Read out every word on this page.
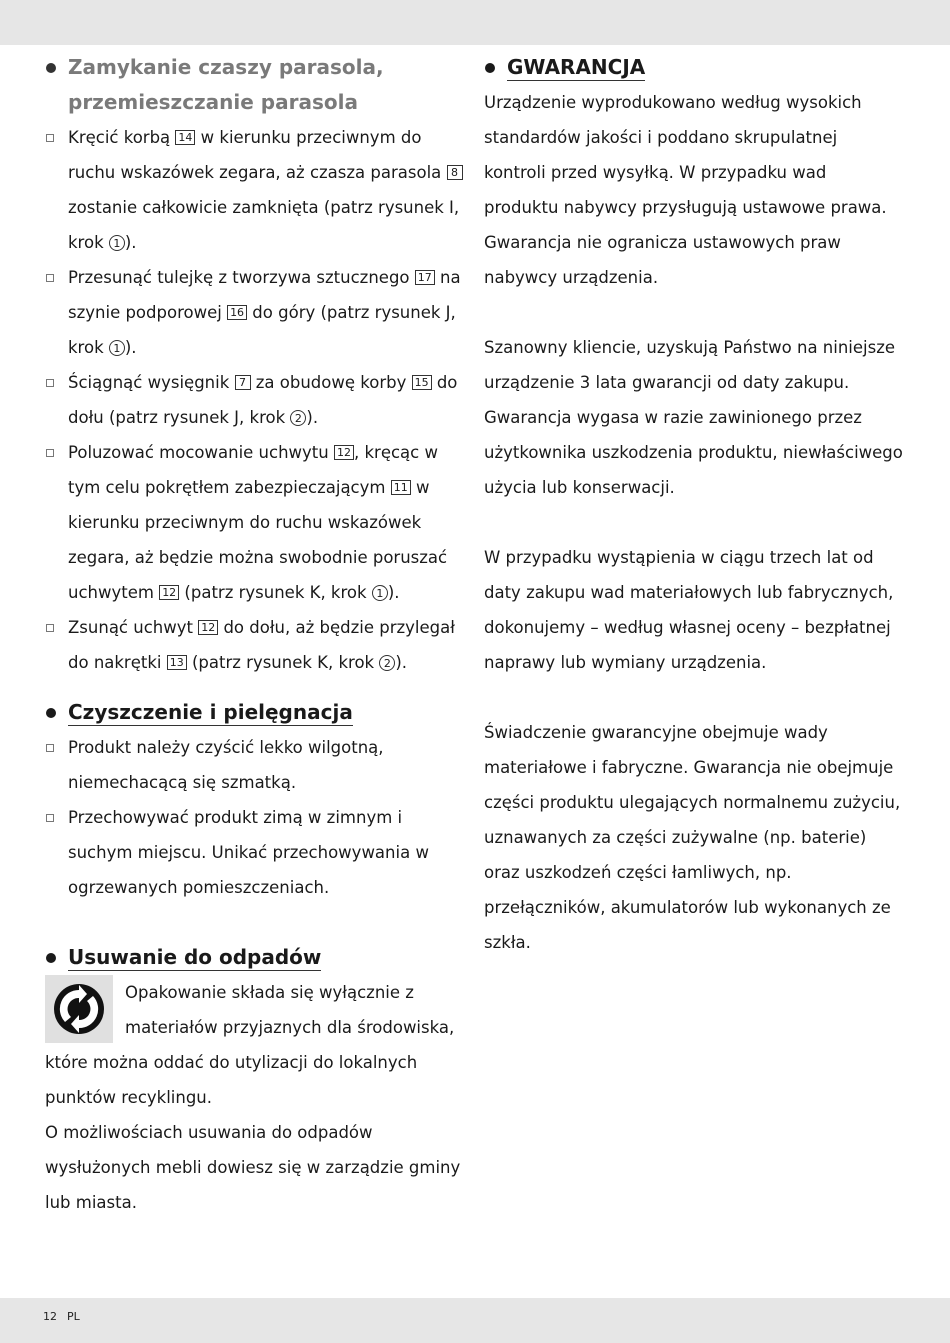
Zamykanie czaszy parasola,
przemieszczanie parasola
Kręcić korbą 14 w kierunku przeciwnym do ruchu wskazówek zegara, aż czasza parasola 8 zostanie całkowicie zamknięta (patrz rysunek I, krok 1 ).
Przesunąć tulejkę z tworzywa sztucznego 17 na szynie podporowej 16 do góry (patrz rysunek J, krok 1 ).
Ściągnąć wysięgnik 7 za obudowę korby 15 do dołu (patrz rysunek J, krok 2 ).
Poluzować mocowanie uchwytu 12 , kręcąc w tym celu pokrętłem zabezpieczającym 11 w kierunku przeciwnym do ruchu wskazówek zegara, aż będzie można swobodnie poruszać uchwytem 12 (patrz rysunek K, krok 1 ).
Zsunąć uchwyt 12 do dołu, aż będzie przylegał do nakrętki 13 (patrz rysunek K, krok 2 ).
Czyszczenie i pielęgnacja
Produkt należy czyścić lekko wilgotną, niemechacącą się szmatką.
Przechowywać produkt zimą w zimnym i suchym miejscu. Unikać przechowywania w ogrzewanych pomieszczeniach.
Usuwanie do odpadów

Opakowanie składa się wyłącznie z materiałów przyjaznych dla środowiska, które można oddać do utylizacji do lokalnych punktów recyklingu.

O możliwościach usuwania do odpadów wysłużonych mebli dowiesz się w zarządzie gminy lub miasta.

GWARANCJA

Urządzenie wyprodukowano według wysokich standardów jakości i poddano skrupulatnej kontroli przed wysyłką. W przypadku wad produktu nabywcy przysługują ustawowe prawa. Gwarancja nie ogranicza ustawowych praw nabywcy urządzenia.

Szanowny kliencie, uzyskują Państwo na niniejsze urządzenie 3 lata gwarancji od daty zakupu. Gwarancja wygasa w razie zawinionego przez użytkownika uszkodzenia produktu, niewłaściwego użycia lub konserwacji.

W przypadku wystąpienia w ciągu trzech lat od daty zakupu wad materiałowych lub fabrycznych, dokonujemy – według własnej oceny – bezpłatnej naprawy lub wymiany urządzenia.

Świadczenie gwarancyjne obejmuje wady materiałowe i fabryczne. Gwarancja nie obejmuje części produktu ulegających normalnemu zużyciu, uznawanych za części zużywalne (np. baterie) oraz uszkodzeń części łamliwych, np. przełączników, akumulatorów lub wykonanych ze szkła.

12 PL
